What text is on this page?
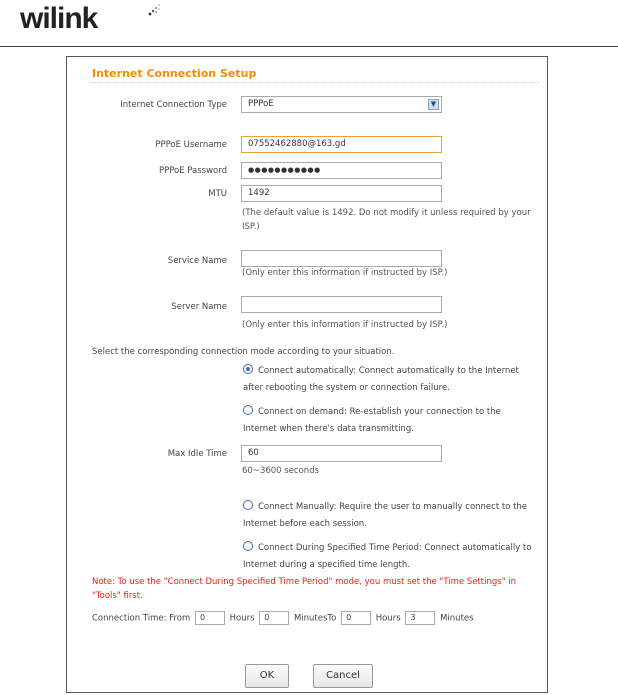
wilink
Internet Connection Setup
Internet Connection Type	PPPoE	▼
PPPoE Username	07552462880@163.gd
PPPoE Password	●●●●●●●●●●●
MTU	1492
(The default value is 1492. Do not modify it unless required by your ISP.)
Service Name
(Only enter this information if instructed by ISP.)
Server Name
(Only enter this information if instructed by ISP.)
Select the corresponding connection mode according to your situation.
Connect automatically: Connect automatically to the Internet after rebooting the system or connection failure.
Connect on demand: Re-establish your connection to the Internet when there's data transmitting.
Max Idle Time	60
60~3600 seconds
Connect Manually: Require the user to manually connect to the Internet before each session.
Connect During Specified Time Period: Connect automatically to Internet during a specified time length.
Note: To use the "Connect During Specified Time Period" mode, you must set the "Time Settings" in "Tools" first.
Connection Time: From 0	Hours 0	MinutesTo 0	Hours 3	Minutes
OK	Cancel
